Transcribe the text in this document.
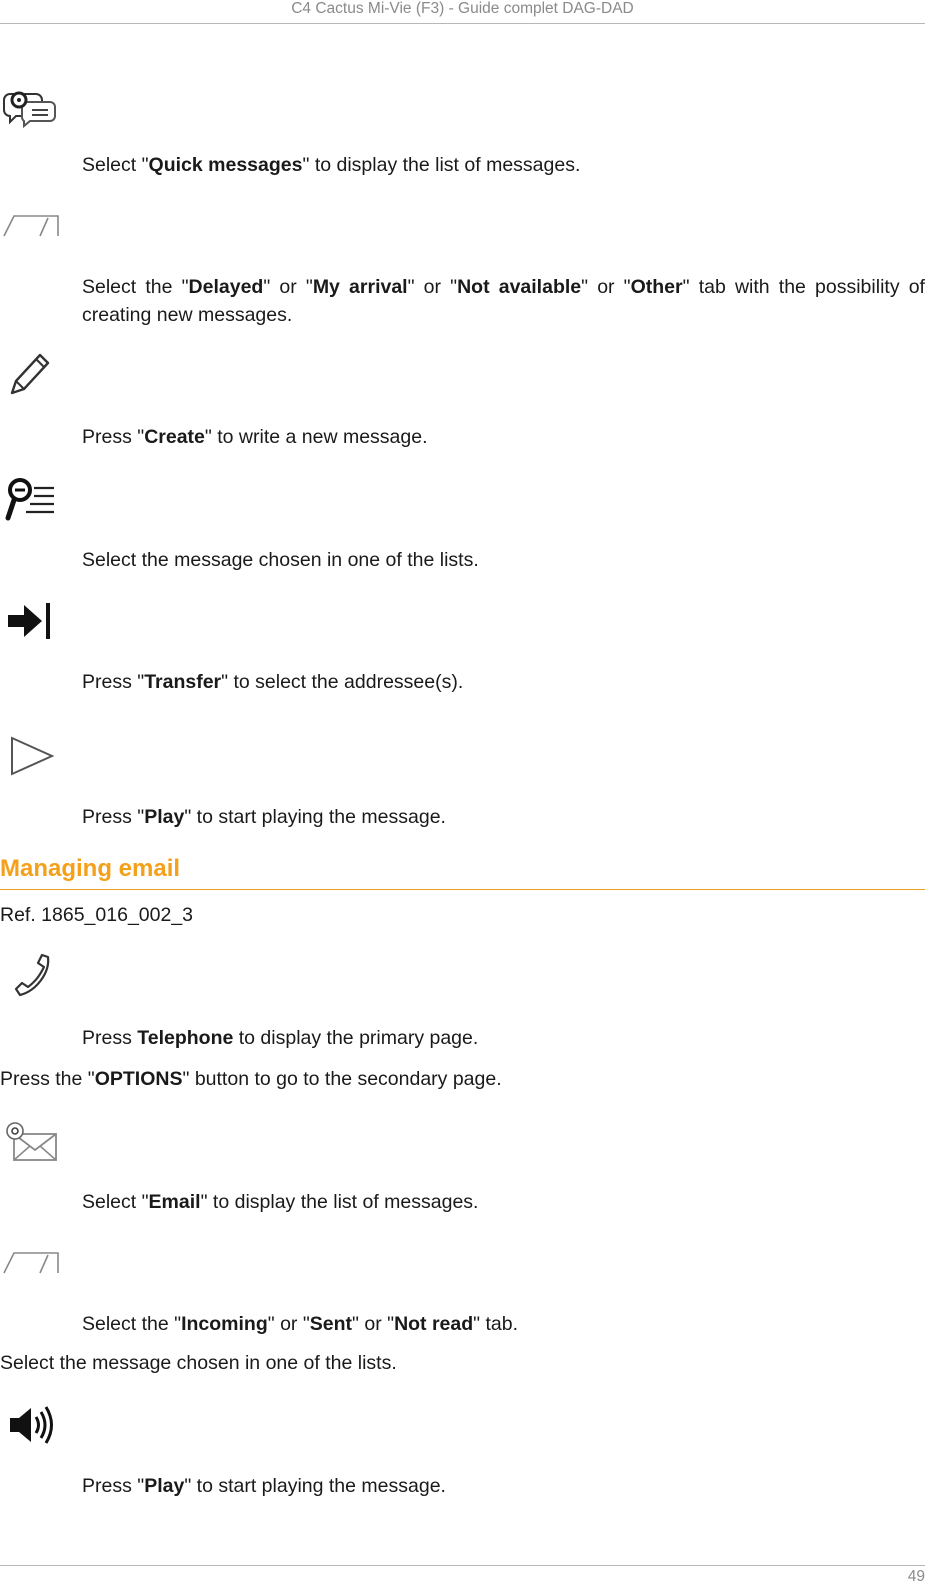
C4 Cactus Mi-Vie (F3) - Guide complet DAG-DAD
Select "Quick messages" to display the list of messages.
Select the "Delayed" or "My arrival" or "Not available" or "Other" tab with the possibility of creating new messages.
Press "Create" to write a new message.
Select the message chosen in one of the lists.
Press "Transfer" to select the addressee(s).
Press "Play" to start playing the message.
Managing email
Ref. 1865_016_002_3
Press Telephone to display the primary page.
Press the "OPTIONS" button to go to the secondary page.
Select "Email" to display the list of messages.
Select the "Incoming" or "Sent" or "Not read" tab.
Select the message chosen in one of the lists.
Press "Play" to start playing the message.
49
